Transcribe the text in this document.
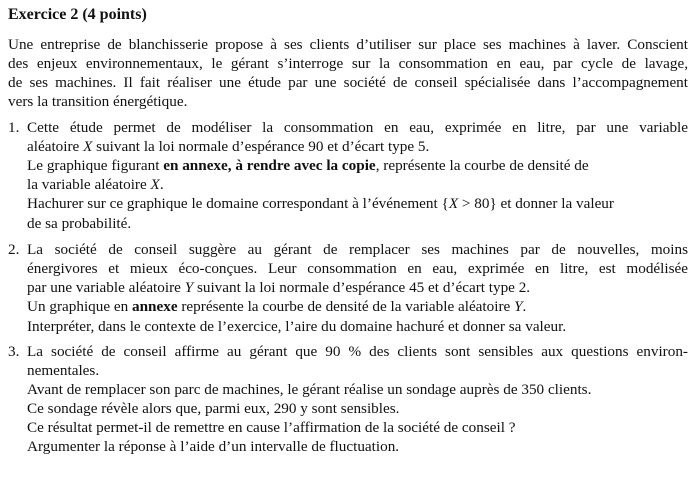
Exercice 2 (4 points)
Une entreprise de blanchisserie propose à ses clients d’utiliser sur place ses machines à laver. Conscient
des enjeux environnementaux, le gérant s’interroge sur la consommation en eau, par cycle de lavage,
de ses machines. Il fait réaliser une étude par une société de conseil spécialisée dans l’accompagnement
vers la transition énergétique.
1. Cette étude permet de modéliser la consommation en eau, exprimée en litre, par une variable
aléatoire X suivant la loi normale d’espérance 90 et d’écart type 5.
Le graphique figurant en annexe, à rendre avec la copie, représente la courbe de densité de
la variable aléatoire X.
Hachurer sur ce graphique le domaine correspondant à l’événement {X > 80} et donner la valeur
de sa probabilité.
2. La société de conseil suggère au gérant de remplacer ses machines par de nouvelles, moins
énergivores et mieux éco-conçues. Leur consommation en eau, exprimée en litre, est modélisée
par une variable aléatoire Y suivant la loi normale d’espérance 45 et d’écart type 2.
Un graphique en annexe représente la courbe de densité de la variable aléatoire Y.
Interpréter, dans le contexte de l’exercice, l’aire du domaine hachuré et donner sa valeur.
3. La société de conseil affirme au gérant que 90 % des clients sont sensibles aux questions environ-
nementales.
Avant de remplacer son parc de machines, le gérant réalise un sondage auprès de 350 clients.
Ce sondage révèle alors que, parmi eux, 290 y sont sensibles.
Ce résultat permet-il de remettre en cause l’affirmation de la société de conseil ?
Argumenter la réponse à l’aide d’un intervalle de fluctuation.
